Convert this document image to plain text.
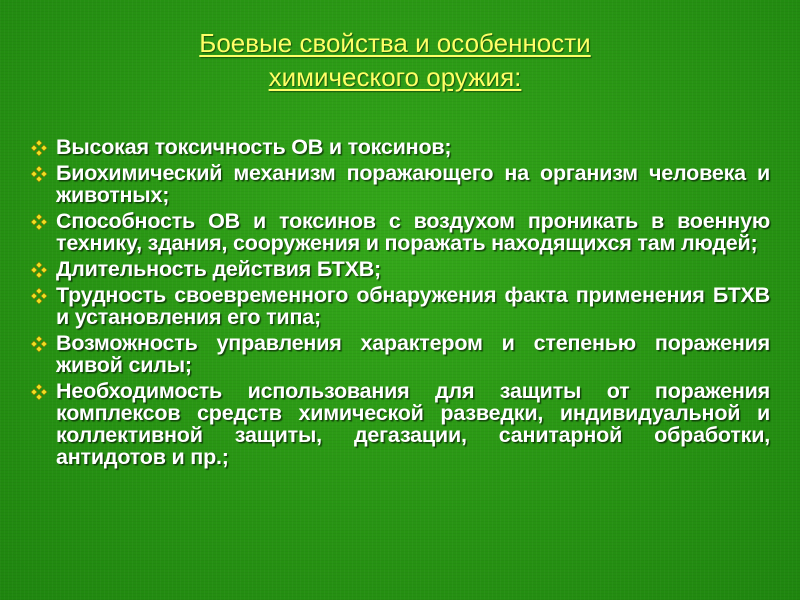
Боевые свойства и особенности
химического оружия:
Высокая токсичность ОВ и токсинов;
Биохимический механизм поражающего на организм человека и животных;
Способность ОВ и токсинов с воздухом проникать в военную технику, здания, сооружения и поражать находящихся там людей;
Длительность действия БТХВ;
Трудность своевременного обнаружения факта применения БТХВ и установления его типа;
Возможность управления характером и степенью поражения живой силы;
Необходимость использования для защиты от поражения комплексов средств химической разведки, индивидуальной и коллективной защиты, дегазации, санитарной обработки, антидотов и пр.;
